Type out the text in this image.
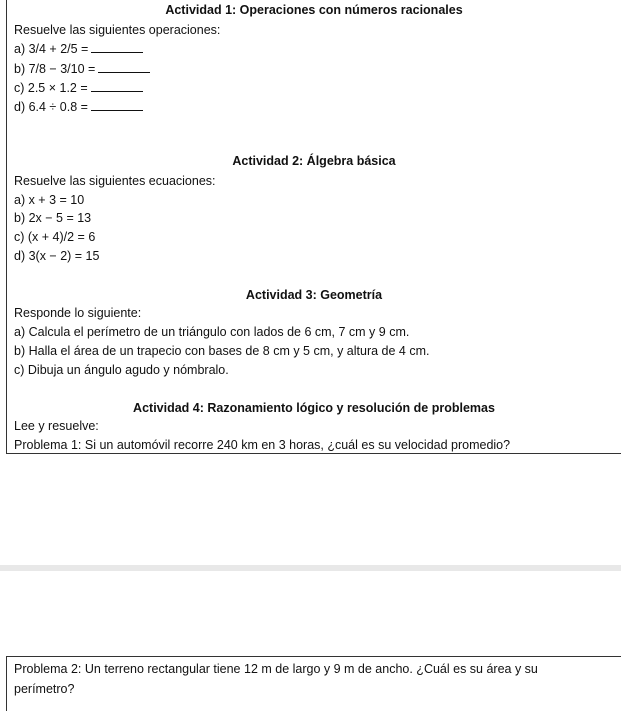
Actividad 1: Operaciones con números racionales
Resuelve las siguientes operaciones:
a) 3/4 + 2/5 =
b) 7/8 − 3/10 =
c) 2.5 × 1.2 =
d) 6.4 ÷ 0.8 =
Actividad 2: Álgebra básica
Resuelve las siguientes ecuaciones:
a) x + 3 = 10
b) 2x − 5 = 13
c) (x + 4)/2 = 6
d) 3(x − 2) = 15
Actividad 3: Geometría
Responde lo siguiente:
a) Calcula el perímetro de un triángulo con lados de 6 cm, 7 cm y 9 cm.
b) Halla el área de un trapecio con bases de 8 cm y 5 cm, y altura de 4 cm.
c) Dibuja un ángulo agudo y nómbralo.
Actividad 4: Razonamiento lógico y resolución de problemas
Lee y resuelve:
Problema 1: Si un automóvil recorre 240 km en 3 horas, ¿cuál es su velocidad promedio?
Problema 2: Un terreno rectangular tiene 12 m de largo y 9 m de ancho. ¿Cuál es su área y su perímetro?
